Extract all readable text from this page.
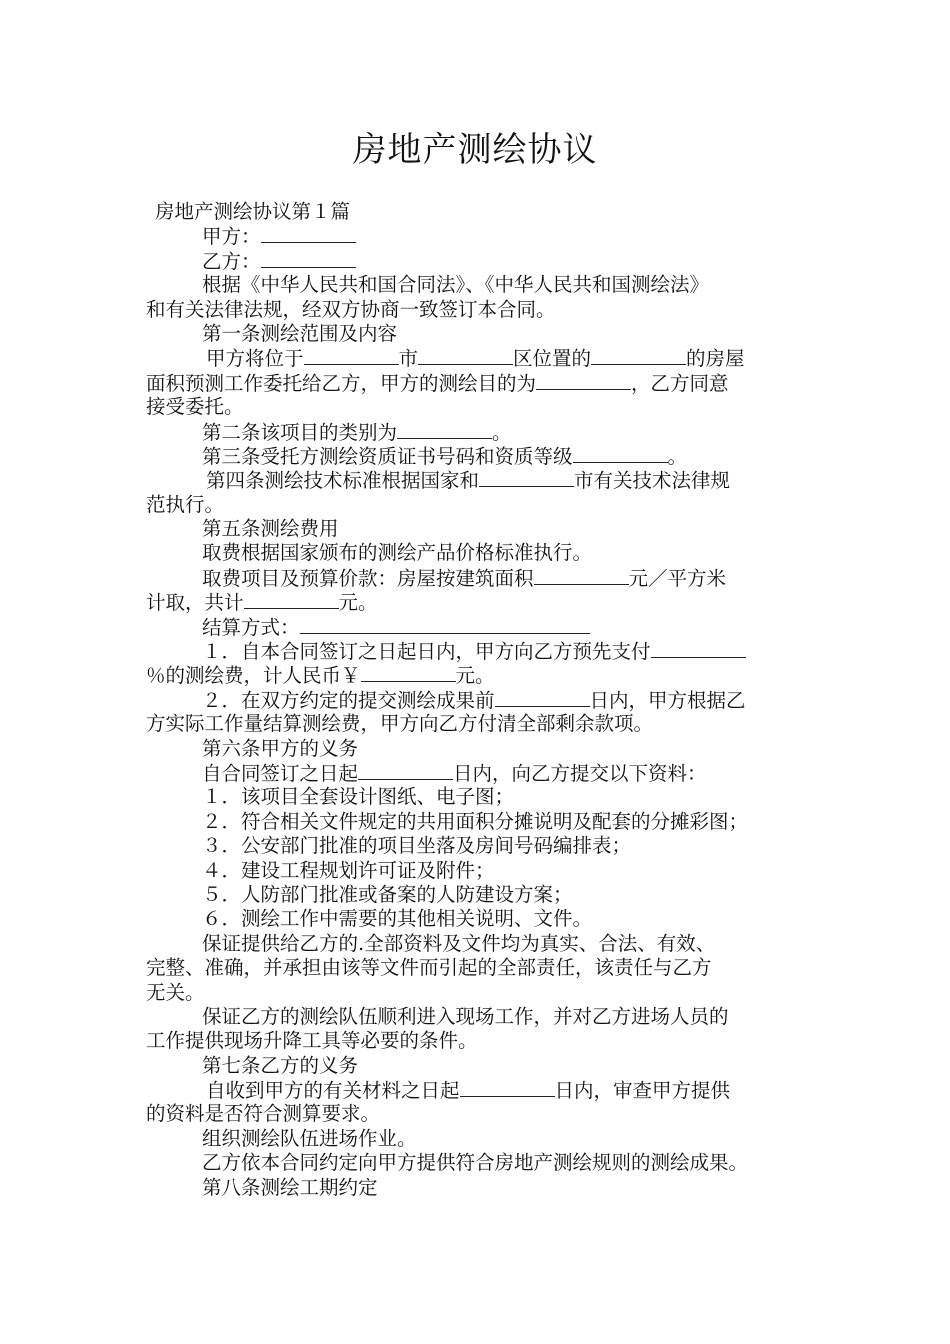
房地产测绘协议
房地产测绘协议第１篇
甲方：
乙方：
根据《中华人民共和国合同法》、《中华人民共和国测绘法》
和有关法律法规，经双方协商一致签订本合同。
第一条测绘范围及内容
甲方将位于	市	区位置的	的房屋
面积预测工作委托给乙方，甲方的测绘目的为	，乙方同意
接受委托。
第二条该项目的类别为	。
第三条受托方测绘资质证书号码和资质等级	。
第四条测绘技术标准根据国家和	市有关技术法律规
范执行。
第五条测绘费用
取费根据国家颁布的测绘产品价格标准执行。
取费项目及预算价款：房屋按建筑面积	元／平方米
计取，共计	元。
结算方式：
１．自本合同签订之日起日内，甲方向乙方预先支付
％的测绘费，计人民币￥	元。
２．在双方约定的提交测绘成果前	日内，甲方根据乙
方实际工作量结算测绘费，甲方向乙方付清全部剩余款项。
第六条甲方的义务
自合同签订之日起	日内，向乙方提交以下资料：
１．该项目全套设计图纸、电子图；
２．符合相关文件规定的共用面积分摊说明及配套的分摊彩图；
３．公安部门批准的项目坐落及房间号码编排表；
４．建设工程规划许可证及附件；
５．人防部门批准或备案的人防建设方案；
６．测绘工作中需要的其他相关说明、文件。
保证提供给乙方的.全部资料及文件均为真实、合法、有效、
完整、准确，并承担由该等文件而引起的全部责任，该责任与乙方
无关。
保证乙方的测绘队伍顺利进入现场工作，并对乙方进场人员的
工作提供现场升降工具等必要的条件。
第七条乙方的义务
自收到甲方的有关材料之日起	日内，审查甲方提供
的资料是否符合测算要求。
组织测绘队伍进场作业。
乙方依本合同约定向甲方提供符合房地产测绘规则的测绘成果。
第八条测绘工期约定
